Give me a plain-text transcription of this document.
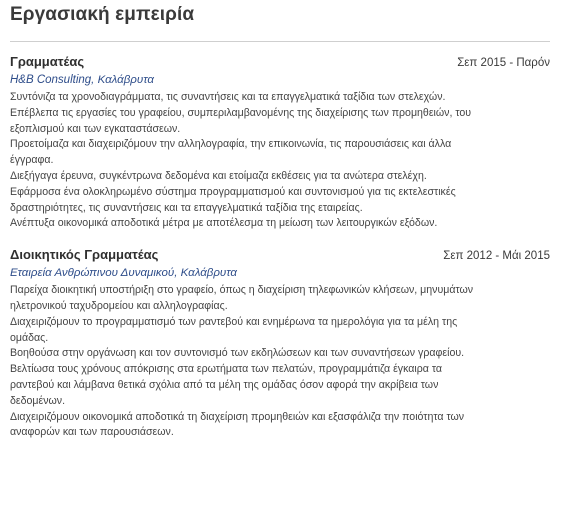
Εργασιακή εμπειρία
Γραμματέας	Σεπ 2015 - Παρόν
H&B Consulting, Καλάβρυτα
Συντόνιζα τα χρονοδιαγράμματα, τις συναντήσεις και τα επαγγελματικά ταξίδια των στελεχών.
Επέβλεπα τις εργασίες του γραφείου, συμπεριλαμβανομένης της διαχείρισης των προμηθειών, του
εξοπλισμού και των εγκαταστάσεων.
Προετοίμαζα και διαχειριζόμουν την αλληλογραφία, την επικοινωνία, τις παρουσιάσεις και άλλα
έγγραφα.
Διεξήγαγα έρευνα, συγκέντρωνα δεδομένα και ετοίμαζα εκθέσεις για τα ανώτερα στελέχη.
Εφάρμοσα ένα ολοκληρωμένο σύστημα προγραμματισμού και συντονισμού για τις εκτελεστικές
δραστηριότητες, τις συναντήσεις και τα επαγγελματικά ταξίδια της εταιρείας.
Ανέπτυξα οικονομικά αποδοτικά μέτρα με αποτέλεσμα τη μείωση των λειτουργικών εξόδων.
Διοικητικός Γραμματέας	Σεπ 2012 - Μάι 2015
Εταιρεία Ανθρώπινου Δυναμικού, Καλάβρυτα
Παρείχα διοικητική υποστήριξη στο γραφείο, όπως η διαχείριση τηλεφωνικών κλήσεων, μηνυμάτων
ηλετρονικού ταχυδρομείου και αλληλογραφίας.
Διαχειριζόμουν το προγραμματισμό των ραντεβού και ενημέρωνα τα ημερολόγια για τα μέλη της
ομάδας.
Βοηθούσα στην οργάνωση και τον συντονισμό των εκδηλώσεων και των συναντήσεων γραφείου.
Βελτίωσα τους χρόνους απόκρισης στα ερωτήματα των πελατών, προγραμμάτιζα έγκαιρα τα
ραντεβού και λάμβανα θετικά σχόλια από τα μέλη της ομάδας όσον αφορά την ακρίβεια των
δεδομένων.
Διαχειριζόμουν οικονομικά αποδοτικά τη διαχείριση προμηθειών και εξασφάλιζα την ποιότητα των
αναφορών και των παρουσιάσεων.
